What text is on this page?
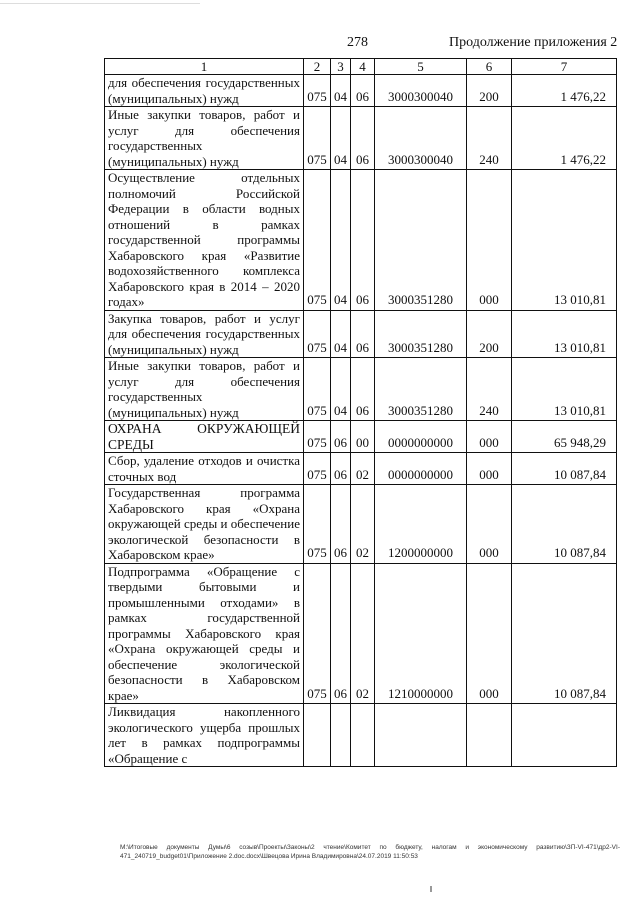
278	Продолжение приложения 2
1	2	3	4	5	6	7
для обеспечения государственных (муниципальных) нужд	075	04	06	3000300040	200	1 476,22
Иные закупки товаров, работ и услуг для обеспечения государственных (муниципальных) нужд	075	04	06	3000300040	240	1 476,22
Осуществление отдельных полномочий Российской Федерации в области водных отношений в рамках государственной программы Хабаровского края «Развитие водохозяйственного комплекса Хабаровского края в 2014 – 2020 годах»	075	04	06	3000351280	000	13 010,81
Закупка товаров, работ и услуг для обеспечения государственных (муниципальных) нужд	075	04	06	3000351280	200	13 010,81
Иные закупки товаров, работ и услуг для обеспечения государственных (муниципальных) нужд	075	04	06	3000351280	240	13 010,81
ОХРАНА ОКРУЖАЮЩЕЙ СРЕДЫ	075	06	00	0000000000	000	65 948,29
Сбор, удаление отходов и очистка сточных вод	075	06	02	0000000000	000	10 087,84
Государственная программа Хабаровского края «Охрана окружающей среды и обеспечение экологической безопасности в Хабаровском крае»	075	06	02	1200000000	000	10 087,84
Подпрограмма «Обращение с твердыми бытовыми и промышленными отходами» в рамках государственной программы Хабаровского края «Охрана окружающей среды и обеспечение экологической безопасности в Хабаровском крае»	075	06	02	1210000000	000	10 087,84
Ликвидация накопленного экологического ущерба прошлых лет в рамках подпрограммы «Обращение с						
M:\Итоговые документы Думы\6 созыв\Проекты\Законы\2 чтение\Комитет по бюджету, налогам и экономическому развитию\ЗП-VI-471\др2-VI-471_240719_budget01\Приложение 2.doc.docx\Швецова Ирина Владимировна\24.07.2019 11:50:53
